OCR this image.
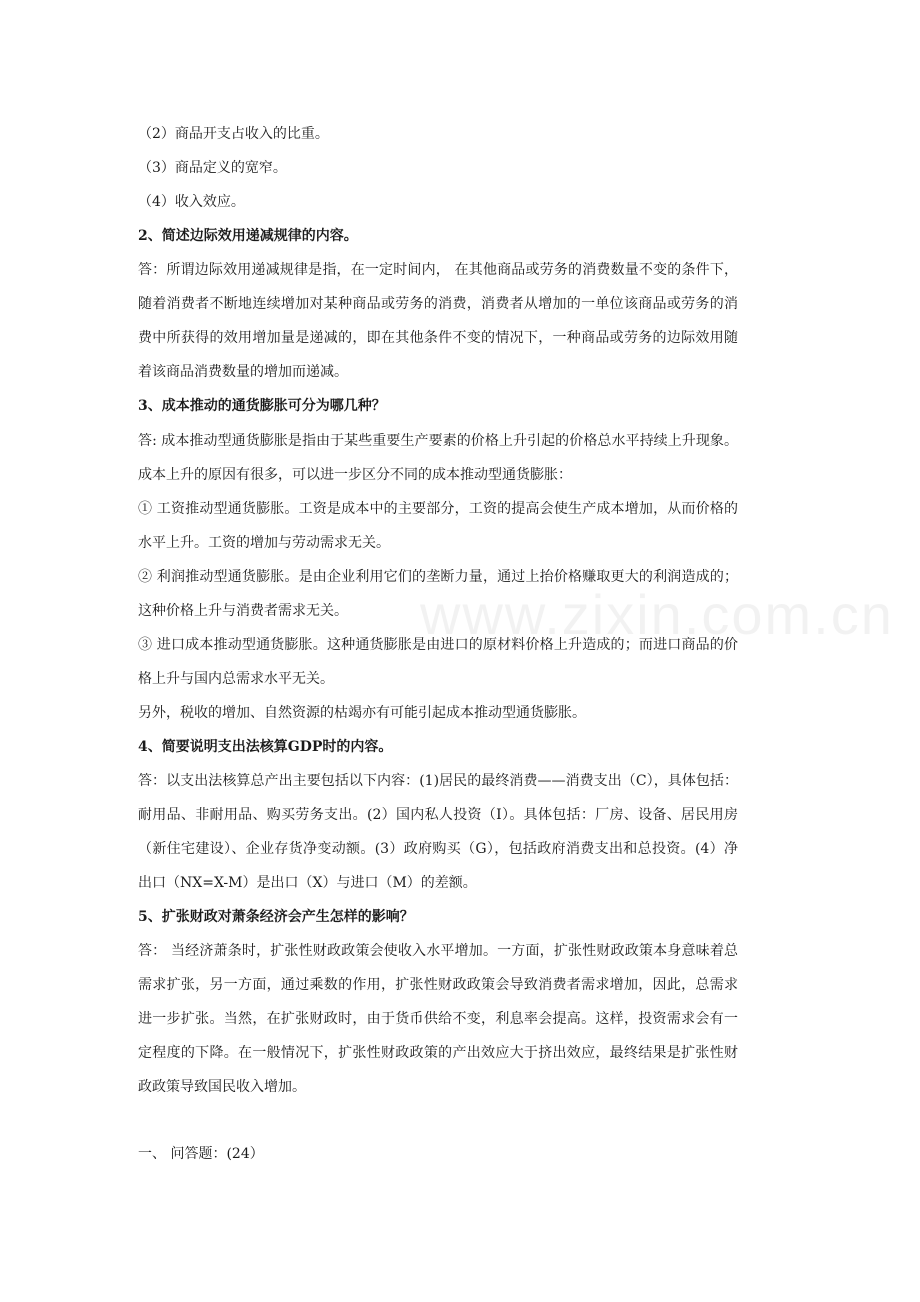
www.zixin.com.cn
（2）商品开支占收入的比重。
（3）商品定义的宽窄。
（4）收入效应。
2、简述边际效用递减规律的内容。
答：所谓边际效用递减规律是指，在一定时间内， 在其他商品或劳务的消费数量不变的条件下，
随着消费者不断地连续增加对某种商品或劳务的消费，消费者从增加的一单位该商品或劳务的消
费中所获得的效用增加量是递减的，即在其他条件不变的情况下，一种商品或劳务的边际效用随
着该商品消费数量的增加而递减。
3、成本推动的通货膨胀可分为哪几种？
答: 成本推动型通货膨胀是指由于某些重要生产要素的价格上升引起的价格总水平持续上升现象。
成本上升的原因有很多，可以进一步区分不同的成本推动型通货膨胀：
① 工资推动型通货膨胀。工资是成本中的主要部分，工资的提高会使生产成本增加，从而价格的
水平上升。工资的增加与劳动需求无关。
② 利润推动型通货膨胀。是由企业利用它们的垄断力量，通过上抬价格赚取更大的利润造成的；
这种价格上升与消费者需求无关。
③ 进口成本推动型通货膨胀。这种通货膨胀是由进口的原材料价格上升造成的；而进口商品的价
格上升与国内总需求水平无关。
另外，税收的增加、自然资源的枯竭亦有可能引起成本推动型通货膨胀。
4、简要说明支出法核算GDP时的内容。
答：以支出法核算总产出主要包括以下内容：(1)居民的最终消费——消费支出（C），具体包括：
耐用品、非耐用品、购买劳务支出。(2）国内私人投资（I）。具体包括：厂房、设备、居民用房
（新住宅建设）、企业存货净变动额。(3）政府购买（G），包括政府消费支出和总投资。(4）净
出口（NX=X-M）是出口（X）与进口（M）的差额。
5、扩张财政对萧条经济会产生怎样的影响？
答： 当经济萧条时，扩张性财政政策会使收入水平增加。一方面，扩张性财政政策本身意味着总
需求扩张，另一方面，通过乘数的作用，扩张性财政政策会导致消费者需求增加，因此，总需求
进一步扩张。当然，在扩张财政时，由于货币供给不变，利息率会提高。这样，投资需求会有一
定程度的下降。在一般情况下，扩张性财政政策的产出效应大于挤出效应，最终结果是扩张性财
政政策导致国民收入增加。
一、 问答题：(24）
